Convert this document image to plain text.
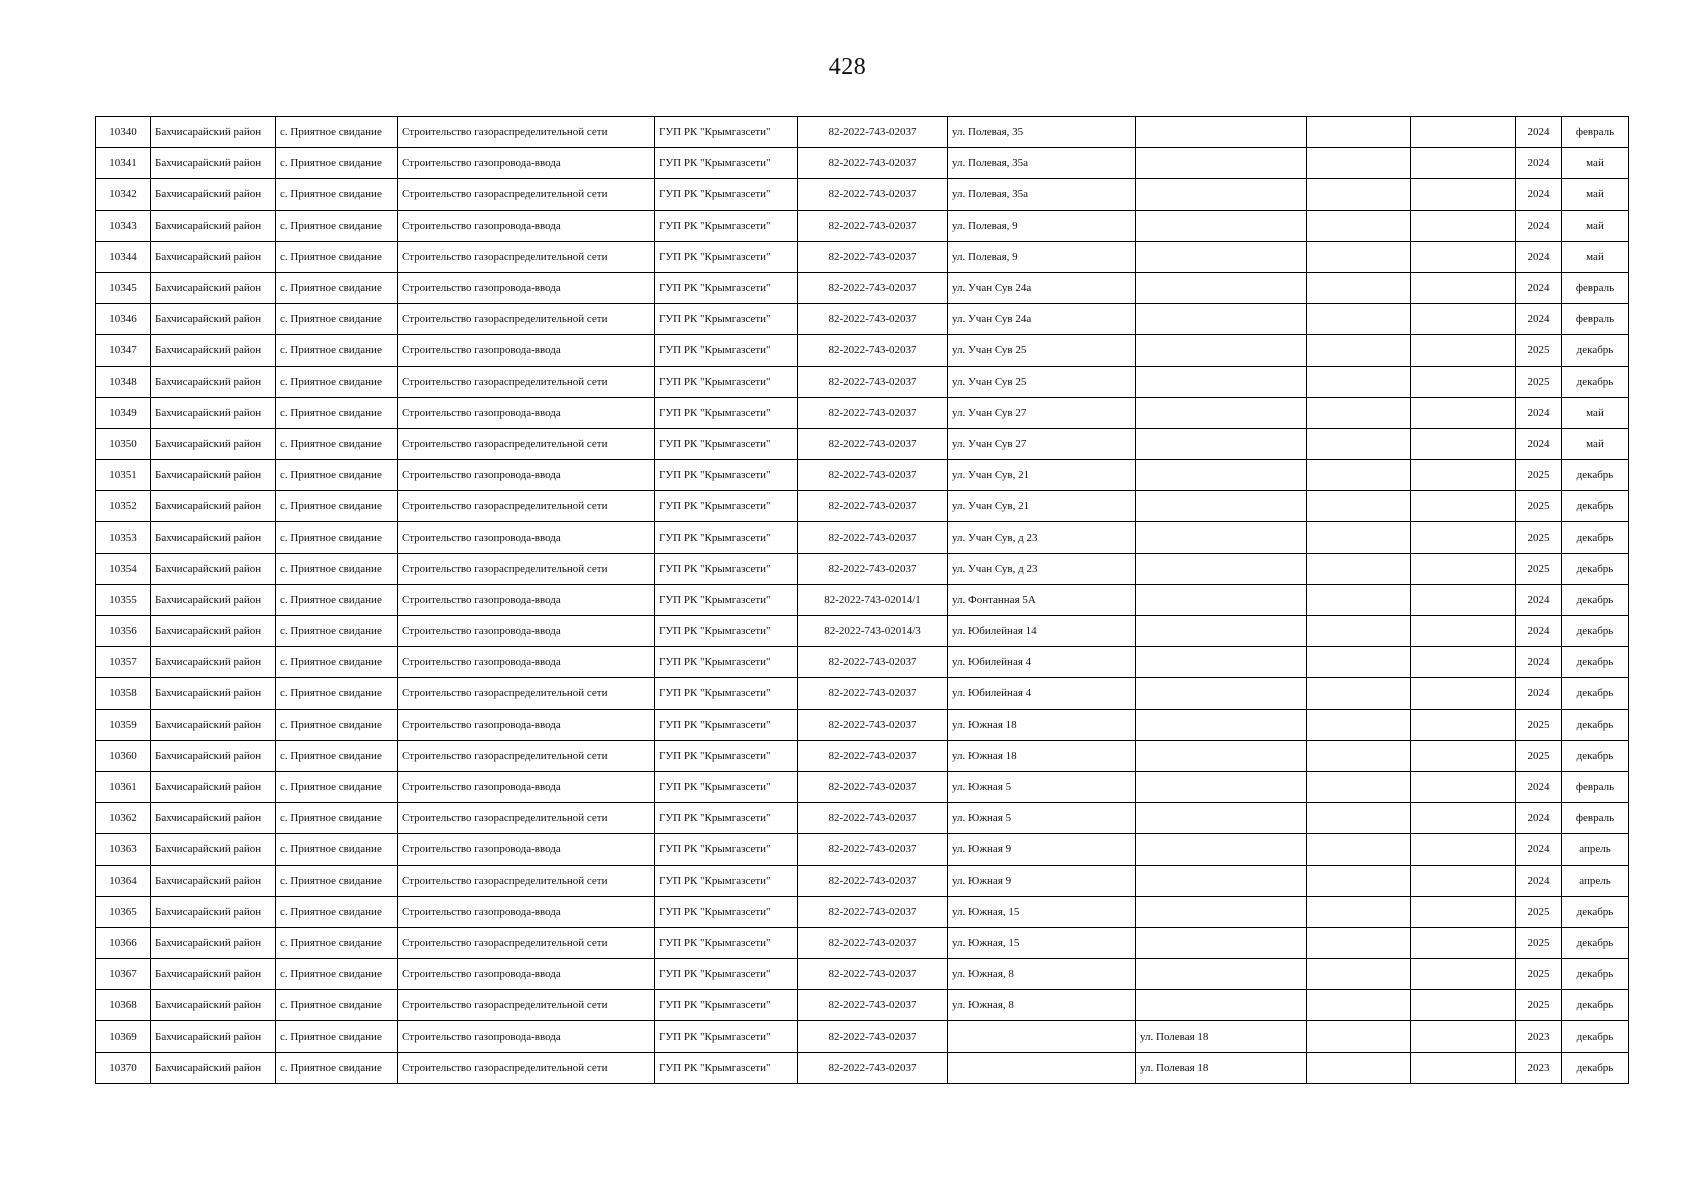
428
10340	Бахчисарайский район	с. Приятное свидание	Строительство газораспределительной сети	ГУП РК "Крымгазсети"	82-2022-743-02037	ул. Полевая, 35				2024	февраль
10341	Бахчисарайский район	с. Приятное свидание	Строительство газопровода-ввода	ГУП РК "Крымгазсети"	82-2022-743-02037	ул. Полевая, 35а				2024	май
10342	Бахчисарайский район	с. Приятное свидание	Строительство газораспределительной сети	ГУП РК "Крымгазсети"	82-2022-743-02037	ул. Полевая, 35а				2024	май
10343	Бахчисарайский район	с. Приятное свидание	Строительство газопровода-ввода	ГУП РК "Крымгазсети"	82-2022-743-02037	ул. Полевая, 9				2024	май
10344	Бахчисарайский район	с. Приятное свидание	Строительство газораспределительной сети	ГУП РК "Крымгазсети"	82-2022-743-02037	ул. Полевая, 9				2024	май
10345	Бахчисарайский район	с. Приятное свидание	Строительство газопровода-ввода	ГУП РК "Крымгазсети"	82-2022-743-02037	ул. Учан Сув 24а				2024	февраль
10346	Бахчисарайский район	с. Приятное свидание	Строительство газораспределительной сети	ГУП РК "Крымгазсети"	82-2022-743-02037	ул. Учан Сув 24а				2024	февраль
10347	Бахчисарайский район	с. Приятное свидание	Строительство газопровода-ввода	ГУП РК "Крымгазсети"	82-2022-743-02037	ул. Учан Сув 25				2025	декабрь
10348	Бахчисарайский район	с. Приятное свидание	Строительство газораспределительной сети	ГУП РК "Крымгазсети"	82-2022-743-02037	ул. Учан Сув 25				2025	декабрь
10349	Бахчисарайский район	с. Приятное свидание	Строительство газопровода-ввода	ГУП РК "Крымгазсети"	82-2022-743-02037	ул. Учан Сув 27				2024	май
10350	Бахчисарайский район	с. Приятное свидание	Строительство газораспределительной сети	ГУП РК "Крымгазсети"	82-2022-743-02037	ул. Учан Сув 27				2024	май
10351	Бахчисарайский район	с. Приятное свидание	Строительство газопровода-ввода	ГУП РК "Крымгазсети"	82-2022-743-02037	ул. Учан Сув, 21				2025	декабрь
10352	Бахчисарайский район	с. Приятное свидание	Строительство газораспределительной сети	ГУП РК "Крымгазсети"	82-2022-743-02037	ул. Учан Сув, 21				2025	декабрь
10353	Бахчисарайский район	с. Приятное свидание	Строительство газопровода-ввода	ГУП РК "Крымгазсети"	82-2022-743-02037	ул. Учан Сув, д 23				2025	декабрь
10354	Бахчисарайский район	с. Приятное свидание	Строительство газораспределительной сети	ГУП РК "Крымгазсети"	82-2022-743-02037	ул. Учан Сув, д 23				2025	декабрь
10355	Бахчисарайский район	с. Приятное свидание	Строительство газопровода-ввода	ГУП РК "Крымгазсети"	82-2022-743-02014/1	ул. Фонтанная 5А				2024	декабрь
10356	Бахчисарайский район	с. Приятное свидание	Строительство газопровода-ввода	ГУП РК "Крымгазсети"	82-2022-743-02014/3	ул. Юбилейная 14				2024	декабрь
10357	Бахчисарайский район	с. Приятное свидание	Строительство газопровода-ввода	ГУП РК "Крымгазсети"	82-2022-743-02037	ул. Юбилейная 4				2024	декабрь
10358	Бахчисарайский район	с. Приятное свидание	Строительство газораспределительной сети	ГУП РК "Крымгазсети"	82-2022-743-02037	ул. Юбилейная 4				2024	декабрь
10359	Бахчисарайский район	с. Приятное свидание	Строительство газопровода-ввода	ГУП РК "Крымгазсети"	82-2022-743-02037	ул. Южная 18				2025	декабрь
10360	Бахчисарайский район	с. Приятное свидание	Строительство газораспределительной сети	ГУП РК "Крымгазсети"	82-2022-743-02037	ул. Южная 18				2025	декабрь
10361	Бахчисарайский район	с. Приятное свидание	Строительство газопровода-ввода	ГУП РК "Крымгазсети"	82-2022-743-02037	ул. Южная 5				2024	февраль
10362	Бахчисарайский район	с. Приятное свидание	Строительство газораспределительной сети	ГУП РК "Крымгазсети"	82-2022-743-02037	ул. Южная 5				2024	февраль
10363	Бахчисарайский район	с. Приятное свидание	Строительство газопровода-ввода	ГУП РК "Крымгазсети"	82-2022-743-02037	ул. Южная 9				2024	апрель
10364	Бахчисарайский район	с. Приятное свидание	Строительство газораспределительной сети	ГУП РК "Крымгазсети"	82-2022-743-02037	ул. Южная 9				2024	апрель
10365	Бахчисарайский район	с. Приятное свидание	Строительство газопровода-ввода	ГУП РК "Крымгазсети"	82-2022-743-02037	ул. Южная, 15				2025	декабрь
10366	Бахчисарайский район	с. Приятное свидание	Строительство газораспределительной сети	ГУП РК "Крымгазсети"	82-2022-743-02037	ул. Южная, 15				2025	декабрь
10367	Бахчисарайский район	с. Приятное свидание	Строительство газопровода-ввода	ГУП РК "Крымгазсети"	82-2022-743-02037	ул. Южная, 8				2025	декабрь
10368	Бахчисарайский район	с. Приятное свидание	Строительство газораспределительной сети	ГУП РК "Крымгазсети"	82-2022-743-02037	ул. Южная, 8				2025	декабрь
10369	Бахчисарайский район	с. Приятное свидание	Строительство газопровода-ввода	ГУП РК "Крымгазсети"	82-2022-743-02037		ул. Полевая 18			2023	декабрь
10370	Бахчисарайский район	с. Приятное свидание	Строительство газораспределительной сети	ГУП РК "Крымгазсети"	82-2022-743-02037		ул. Полевая 18			2023	декабрь
